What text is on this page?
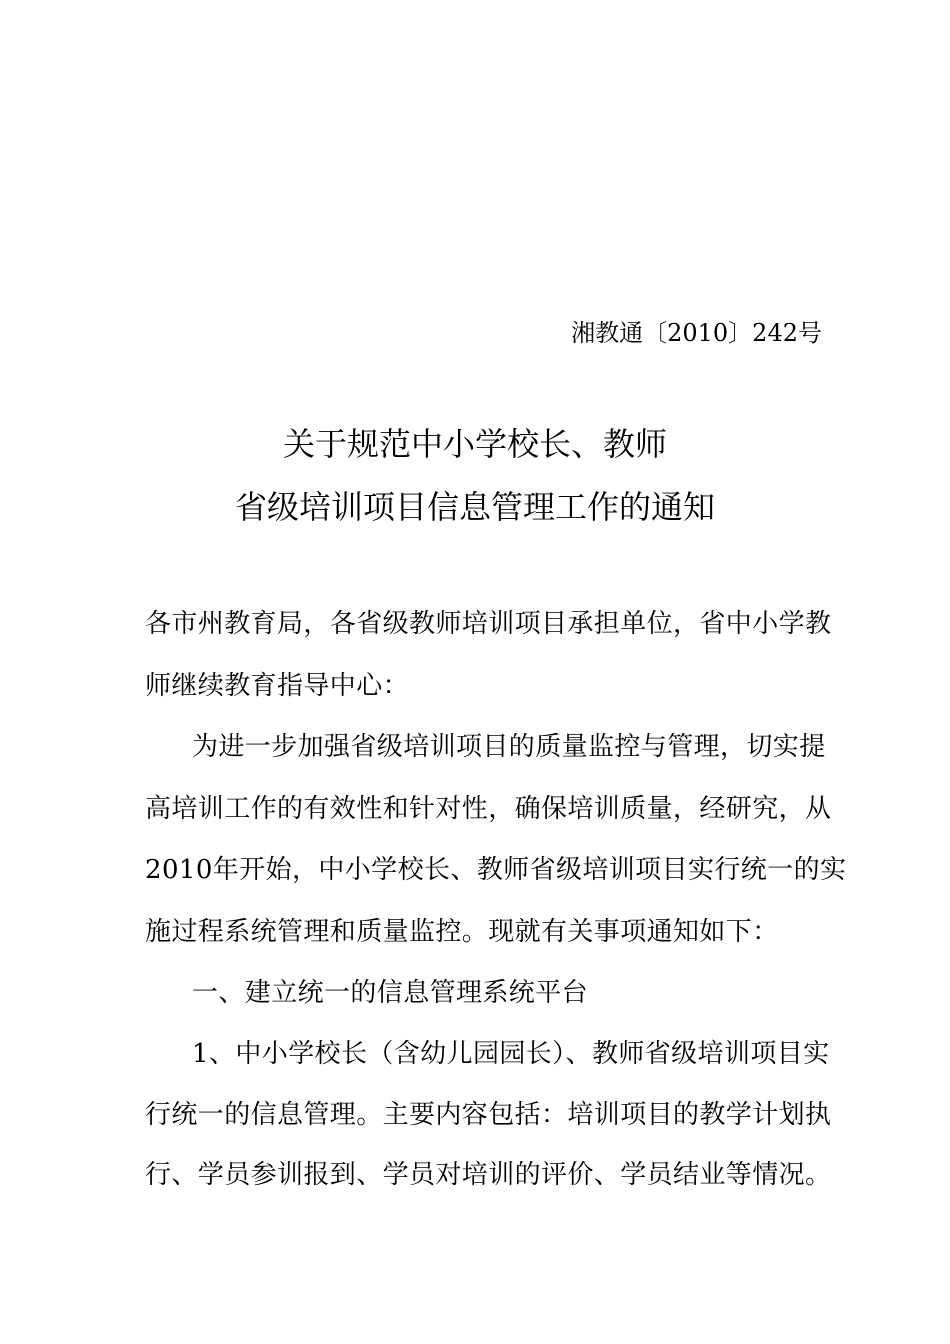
湘教通〔2010〕242号
关于规范中小学校长、教师
省级培训项目信息管理工作的通知
各市州教育局，各省级教师培训项目承担单位，省中小学教
师继续教育指导中心：
为进一步加强省级培训项目的质量监控与管理，切实提
高培训工作的有效性和针对性，确保培训质量，经研究，从
2010年开始，中小学校长、教师省级培训项目实行统一的实
施过程系统管理和质量监控。现就有关事项通知如下：
一、建立统一的信息管理系统平台
1、中小学校长（含幼儿园园长）、教师省级培训项目实
行统一的信息管理。主要内容包括：培训项目的教学计划执
行、学员参训报到、学员对培训的评价、学员结业等情况。
